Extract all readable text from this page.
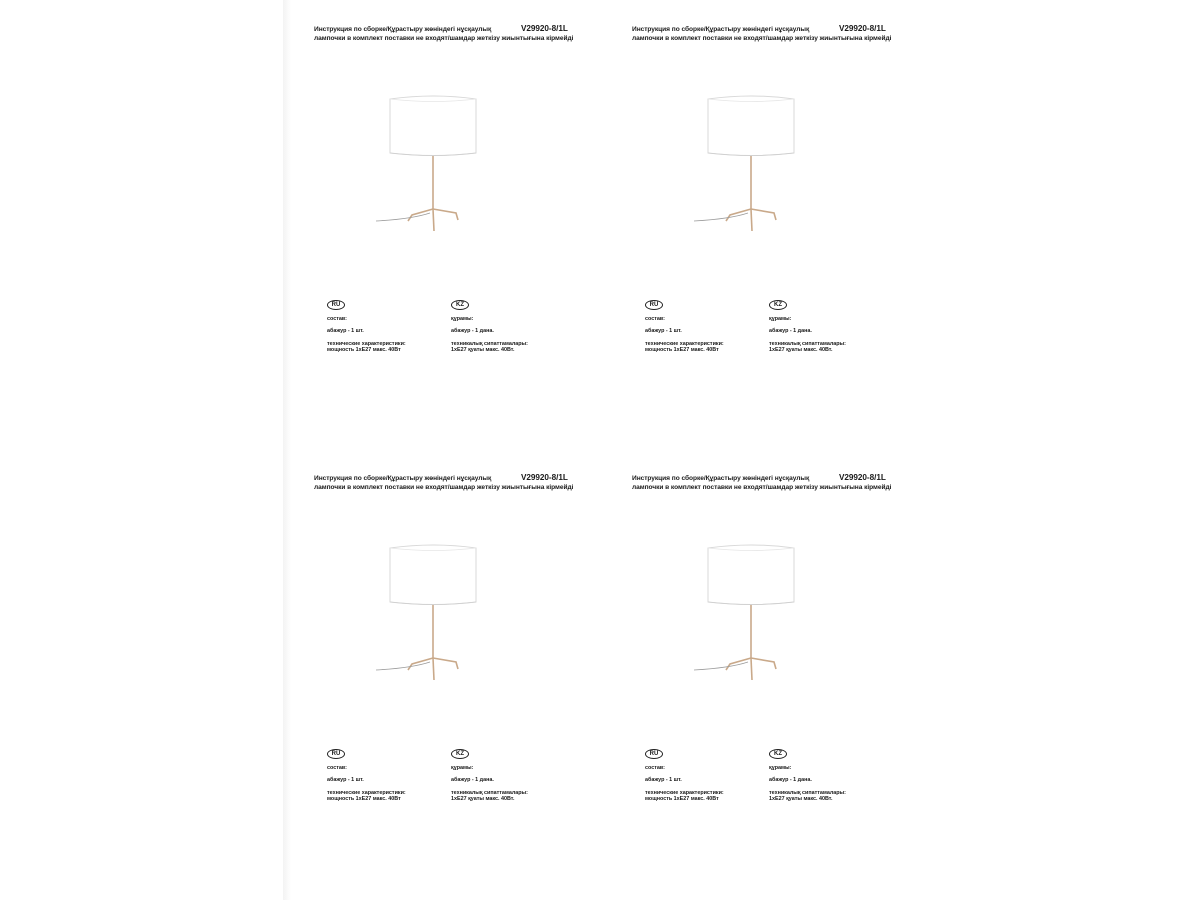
Инструкция по сборке/Құрастыру жөніндегі нұсқаулық	V29920-8/1L
лампочки в комплект поставки не входят/шамдар жеткізу жиынтығына кірмейді
RU
состав:
абажур - 1 шт.
технические характеристики:
мощность 1хЕ27 макс. 40Вт
KZ
құрамы:
абажур - 1 дана.
техникалық сипаттамалары:
1хЕ27 қуаты макс. 40Вт.
Инструкция по сборке/Құрастыру жөніндегі нұсқаулық	V29920-8/1L
лампочки в комплект поставки не входят/шамдар жеткізу жиынтығына кірмейді
RU
состав:
абажур - 1 шт.
технические характеристики:
мощность 1хЕ27 макс. 40Вт
KZ
құрамы:
абажур - 1 дана.
техникалық сипаттамалары:
1хЕ27 қуаты макс. 40Вт.
Инструкция по сборке/Құрастыру жөніндегі нұсқаулық	V29920-8/1L
лампочки в комплект поставки не входят/шамдар жеткізу жиынтығына кірмейді
RU
состав:
абажур - 1 шт.
технические характеристики:
мощность 1хЕ27 макс. 40Вт
KZ
құрамы:
абажур - 1 дана.
техникалық сипаттамалары:
1хЕ27 қуаты макс. 40Вт.
Инструкция по сборке/Құрастыру жөніндегі нұсқаулық	V29920-8/1L
лампочки в комплект поставки не входят/шамдар жеткізу жиынтығына кірмейді
RU
состав:
абажур - 1 шт.
технические характеристики:
мощность 1хЕ27 макс. 40Вт
KZ
құрамы:
абажур - 1 дана.
техникалық сипаттамалары:
1хЕ27 қуаты макс. 40Вт.
